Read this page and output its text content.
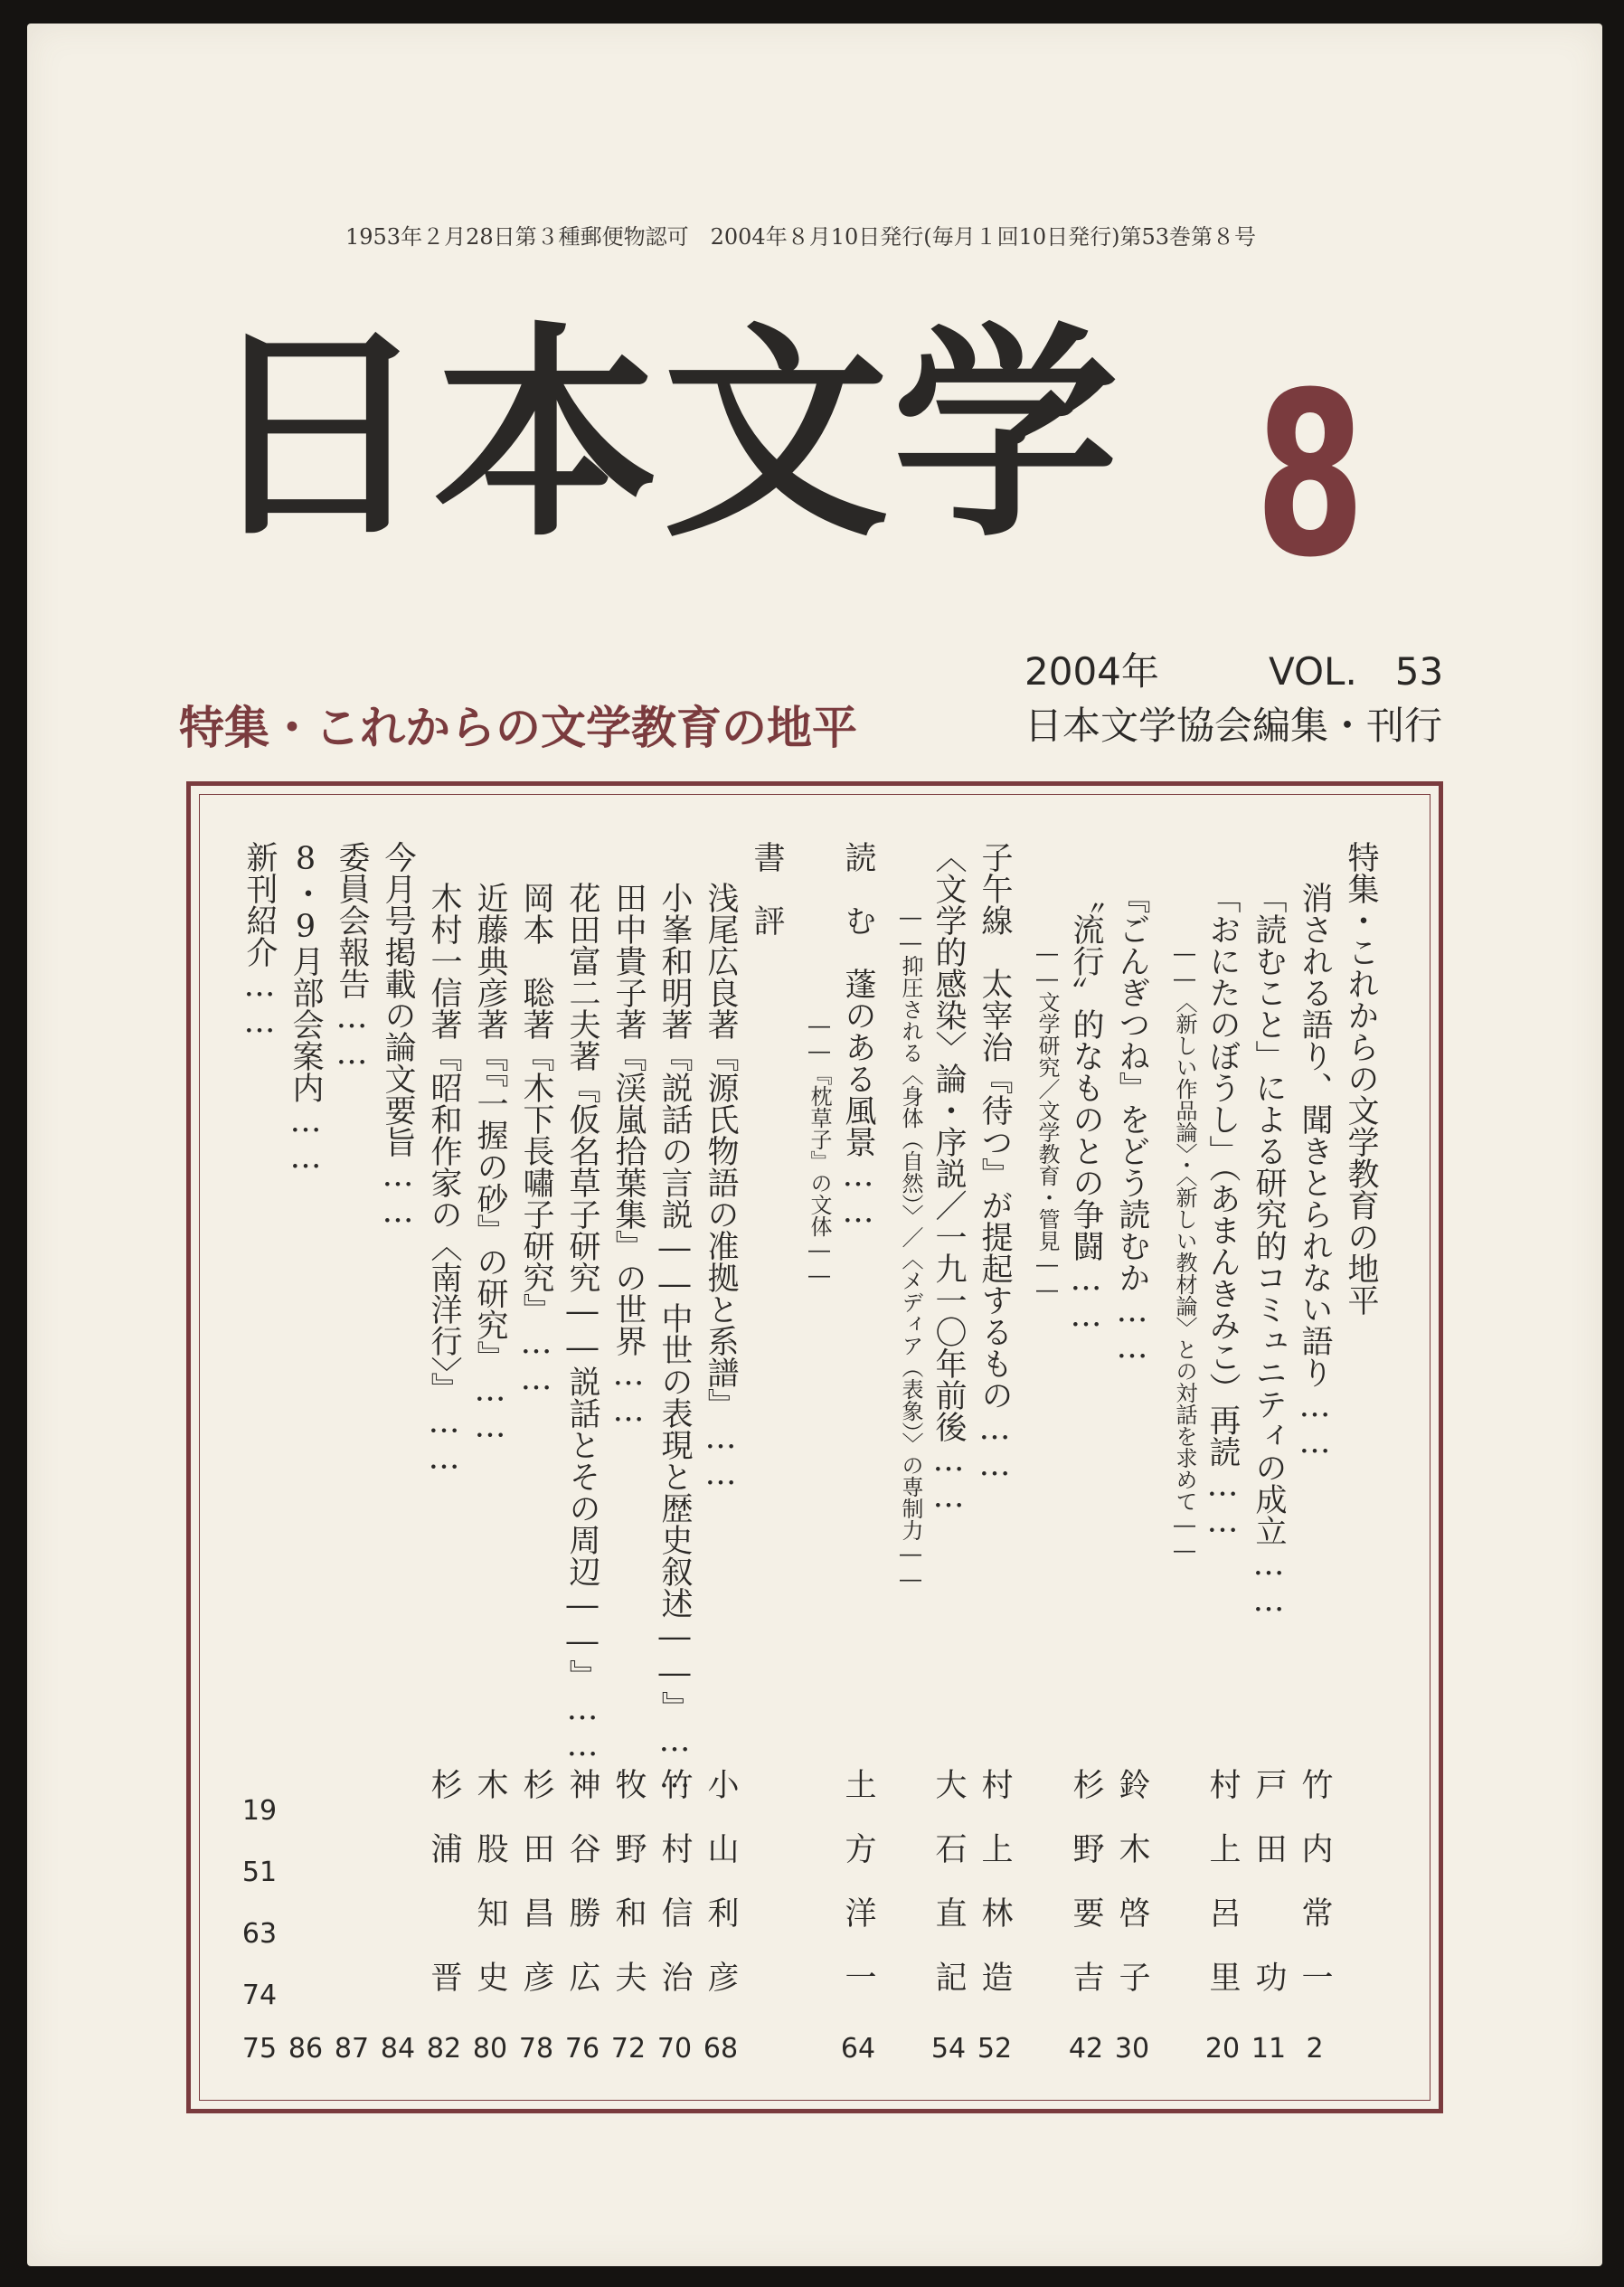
1953年２月28日第３種郵便物認可　2004年８月10日発行(毎月１回10日発行)第53巻第８号
日本文学 8
2004年	VOL.　53
日本文学協会編集・刊行
特集・これからの文学教育の地平
特集・これからの文学教育の地平
消される語り、聞きとられない語り……
「読むこと」による研究的コミュニティの成立……
「おにたのぼうし」（あまんきみこ）再読……
――〈新しい作品論〉・〈新しい教材論〉との対話を求めて――
『ごんぎつね』をどう読むか……
〝流行〟的なものとの争闘……
――文学研究／文学教育・管見――
子午線　太宰治『待つ』が提起するもの……
〈文学的感染〉論・序説／一九一〇年前後……
――抑圧される〈身体（自然）〉／〈メディア（表象）〉の専制力――
読　む　蓬のある風景……
――『枕草子』の文体――
書　評
浅尾広良著『源氏物語の准拠と系譜』……
小峯和明著『説話の言説――中世の表現と歴史叙述――』……
田中貴子著『渓嵐拾葉集』の世界……
花田富二夫著『仮名草子研究――説話とその周辺――』……
岡本　聡著『木下長嘯子研究』……
近藤典彦著『『一握の砂』の研究』……
木村一信著『昭和作家の〈南洋行〉』……
今月号掲載の論文要旨……
委員会報告……
8・9月部会案内……
新刊紹介……
竹内常一
2
戸田　功
11
村上呂里
20
鈴木啓子
30
杉野要吉
42
村上林造
52
大石直記
54
土方洋一
64
小山利彦
68
竹村信治
70
牧野和夫
72
神谷勝広
76
杉田昌彦
78
木股知史
80
杉浦　晋
82
84
87
86
75
19
51
63
74
